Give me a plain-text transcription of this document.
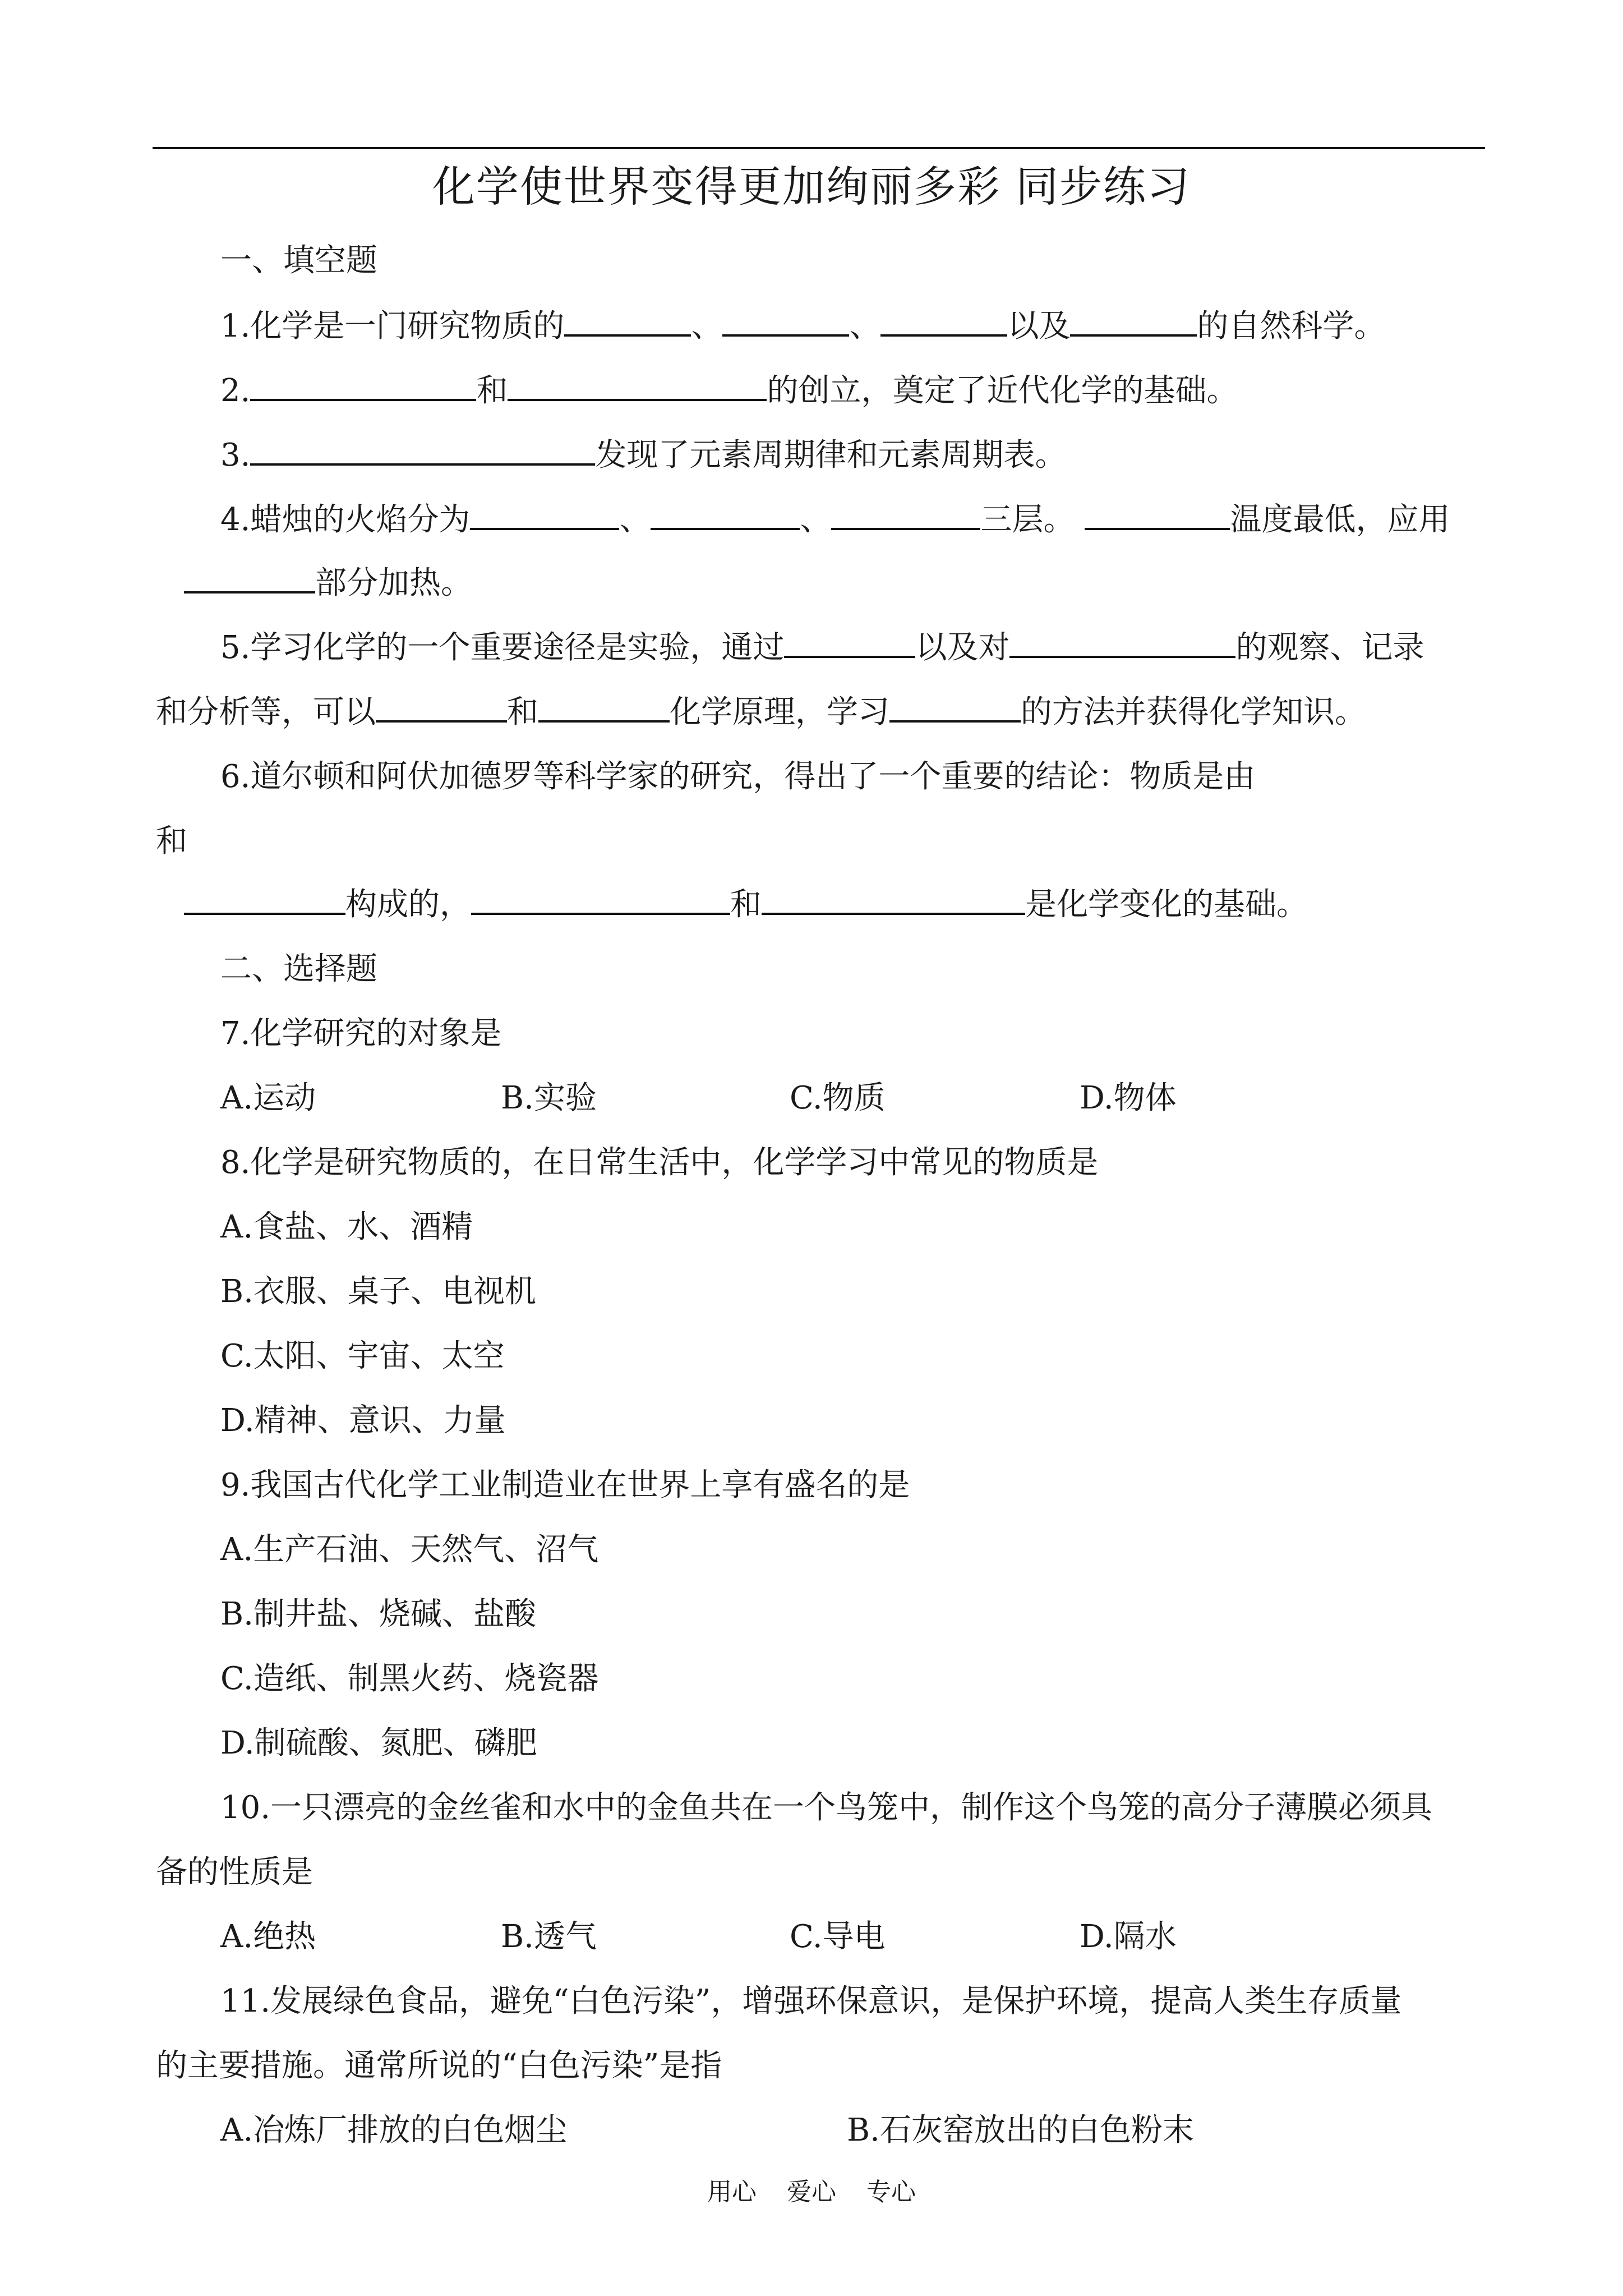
化学使世界变得更加绚丽多彩 同步练习
一、填空题
1.化学是一门研究物质的	、	、	以及	的自然科学。
2.	和	的创立，奠定了近代化学的基础。
3.	发现了元素周期律和元素周期表。
4.蜡烛的火焰分为	、	、	三层。	温度最低，应用
部分加热。
5.学习化学的一个重要途径是实验，通过	以及对	的观察、记录
和分析等，可以	和	化学原理，学习	的方法并获得化学知识。
6.道尔顿和阿伏加德罗等科学家的研究，得出了一个重要的结论：物质是由
和
构成的，	和	是化学变化的基础。
二、选择题
7.化学研究的对象是
A.运动	B.实验	C.物质	D.物体
8.化学是研究物质的，在日常生活中，化学学习中常见的物质是
A.食盐、水、酒精
B.衣服、桌子、电视机
C.太阳、宇宙、太空
D.精神、意识、力量
9.我国古代化学工业制造业在世界上享有盛名的是
A.生产石油、天然气、沼气
B.制井盐、烧碱、盐酸
C.造纸、制黑火药、烧瓷器
D.制硫酸、氮肥、磷肥
10.一只漂亮的金丝雀和水中的金鱼共在一个鸟笼中，制作这个鸟笼的高分子薄膜必须具
备的性质是
A.绝热	B.透气	C.导电	D.隔水
11.发展绿色食品，避免“白色污染”，增强环保意识，是保护环境，提高人类生存质量
的主要措施。通常所说的“白色污染”是指
A.冶炼厂排放的白色烟尘	B.石灰窑放出的白色粉末
用心 爱心 专心
